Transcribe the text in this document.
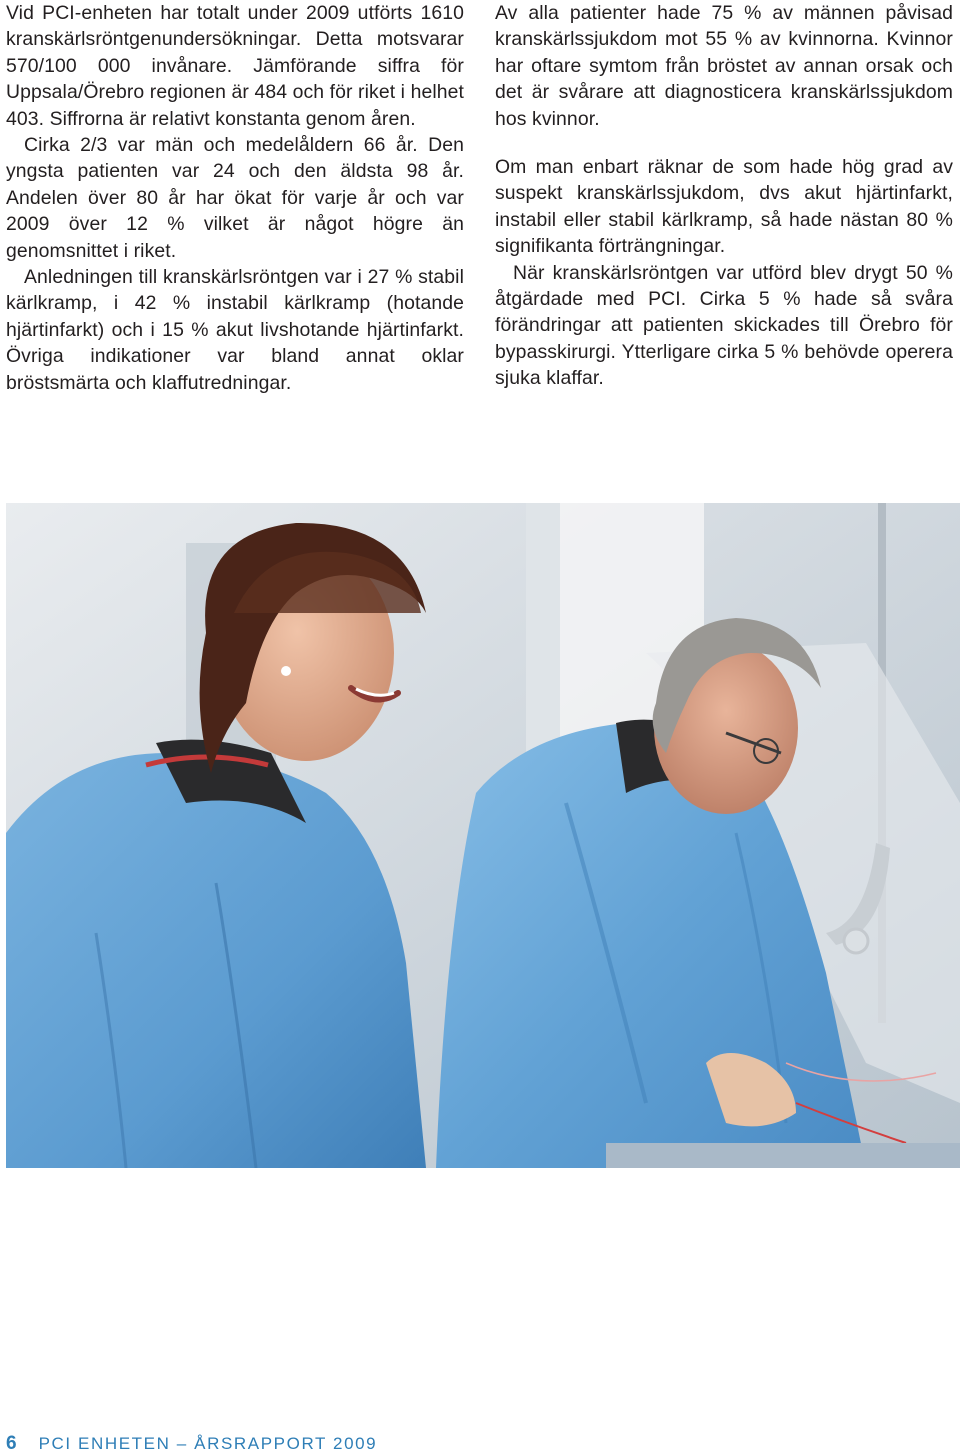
Vid PCI-enheten har totalt under 2009 utförts 1610 kranskärlsröntgenundersökningar. Detta motsvarar 570/100 000 invånare. Jämförande siffra för Uppsala/Örebro regionen är 484 och för riket i helhet 403. Siffrorna är relativt konstanta genom åren.

Cirka 2/3 var män och medelåldern 66 år. Den yngsta patienten var 24 och den äldsta 98 år. Andelen över 80 år har ökat för varje år och var 2009 över 12 % vilket är något högre än genomsnittet i riket.

Anledningen till kranskärlsröntgen var i 27 % stabil kärlkramp, i 42 % instabil kärlkramp (hotande hjärtinfarkt) och i 15 % akut livshotande hjärtinfarkt. Övriga indikationer var bland annat oklar bröstsmärta och klaffutredningar.

Av alla patienter hade 75 % av männen påvisad kranskärlssjukdom mot 55 % av kvinnorna. Kvinnor har oftare symtom från bröstet av annan orsak och det är svårare att diagnosticera kranskärlssjukdom hos kvinnor.

Om man enbart räknar de som hade hög grad av suspekt kranskärlssjukdom, dvs akut hjärtinfarkt, instabil eller stabil kärlkramp, så hade nästan 80 % signifikanta förträngningar.

När kranskärlsröntgen var utförd blev drygt 50 % åtgärdade med PCI. Cirka 5 % hade så svåra förändringar att patienten skickades till Örebro för bypasskirurgi. Ytterligare cirka 5 % behövde operera sjuka klaffar.

6 PCI ENHETEN – ÅRSRAPPORT 2009
